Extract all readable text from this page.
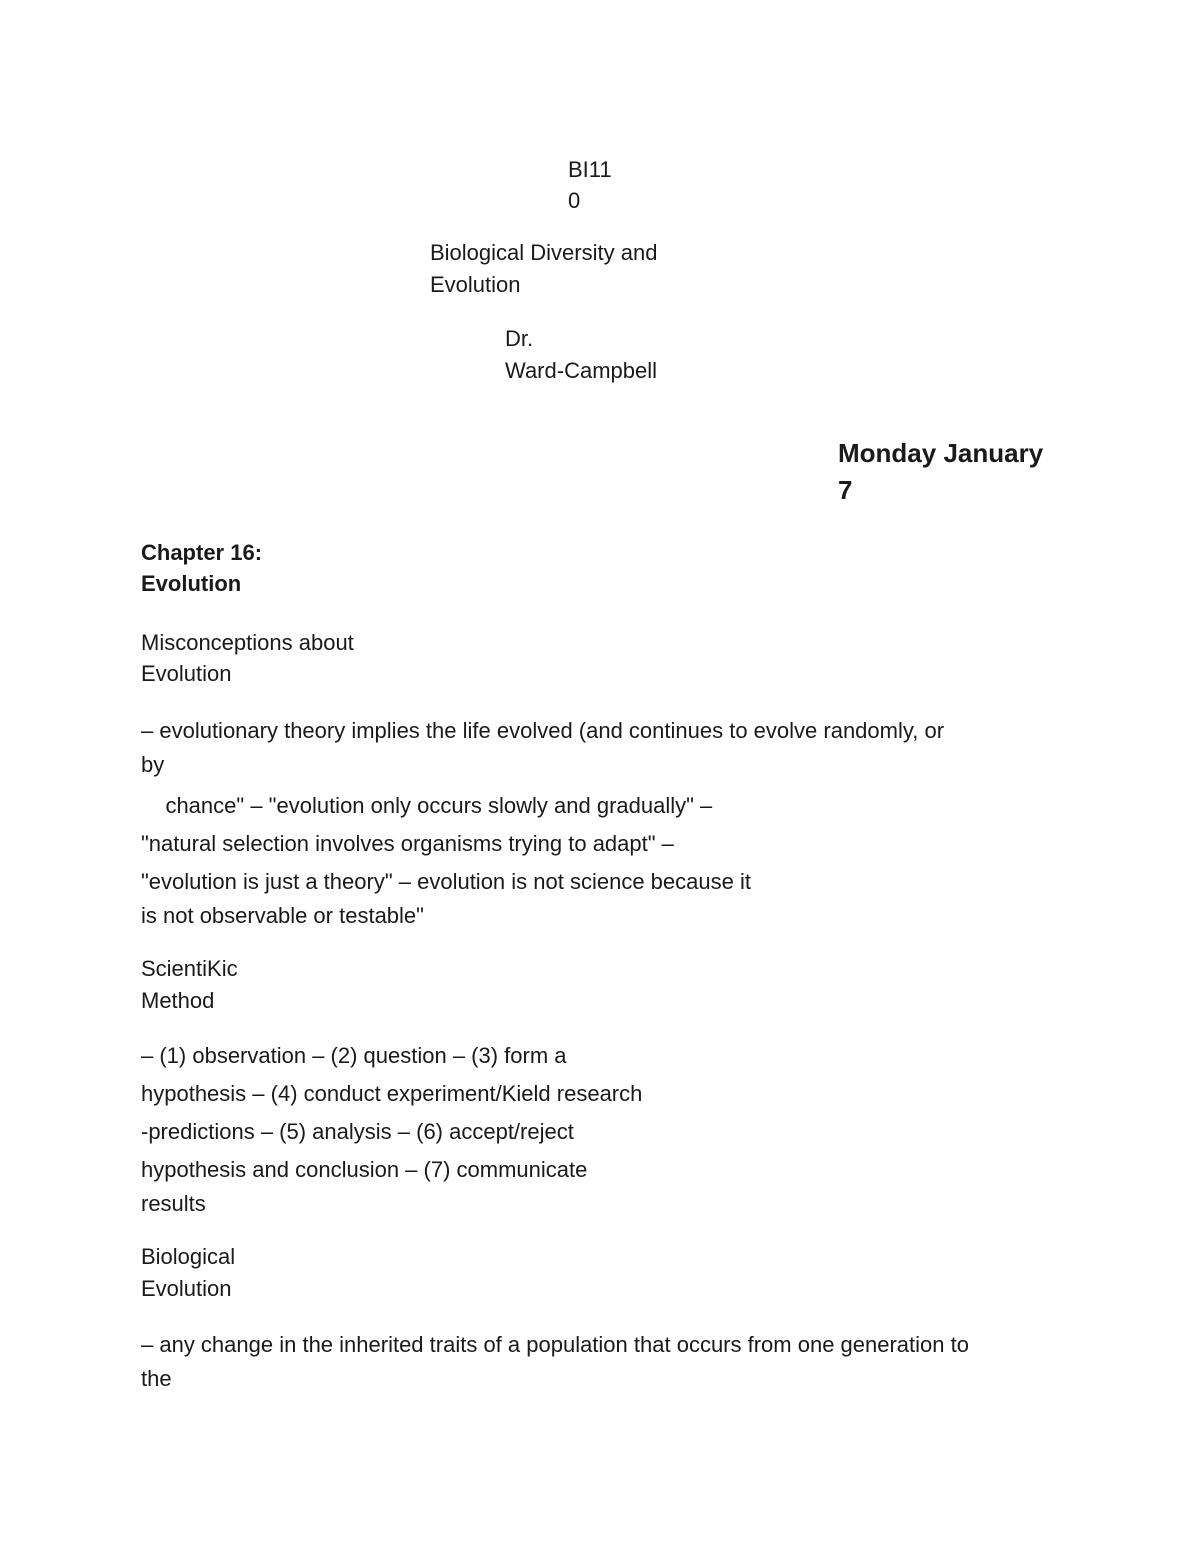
BI11

0

Biological Diversity and

Evolution

Dr.

Ward-Campbell

Monday January

7

Chapter 16:

Evolution

Misconceptions about

Evolution

– evolutionary theory implies the life evolved (and continues to evolve randomly, or

by

chance" – "evolution only occurs slowly and gradually" –

"natural selection involves organisms trying to adapt" –

"evolution is just a theory" – evolution is not science because it

is not observable or testable"

ScientiKic

Method

– (1) observation – (2) question – (3) form a

hypothesis – (4) conduct experiment/Kield research

-predictions – (5) analysis – (6) accept/reject

hypothesis and conclusion – (7) communicate

results

Biological

Evolution

– any change in the inherited traits of a population that occurs from one generation to

the
